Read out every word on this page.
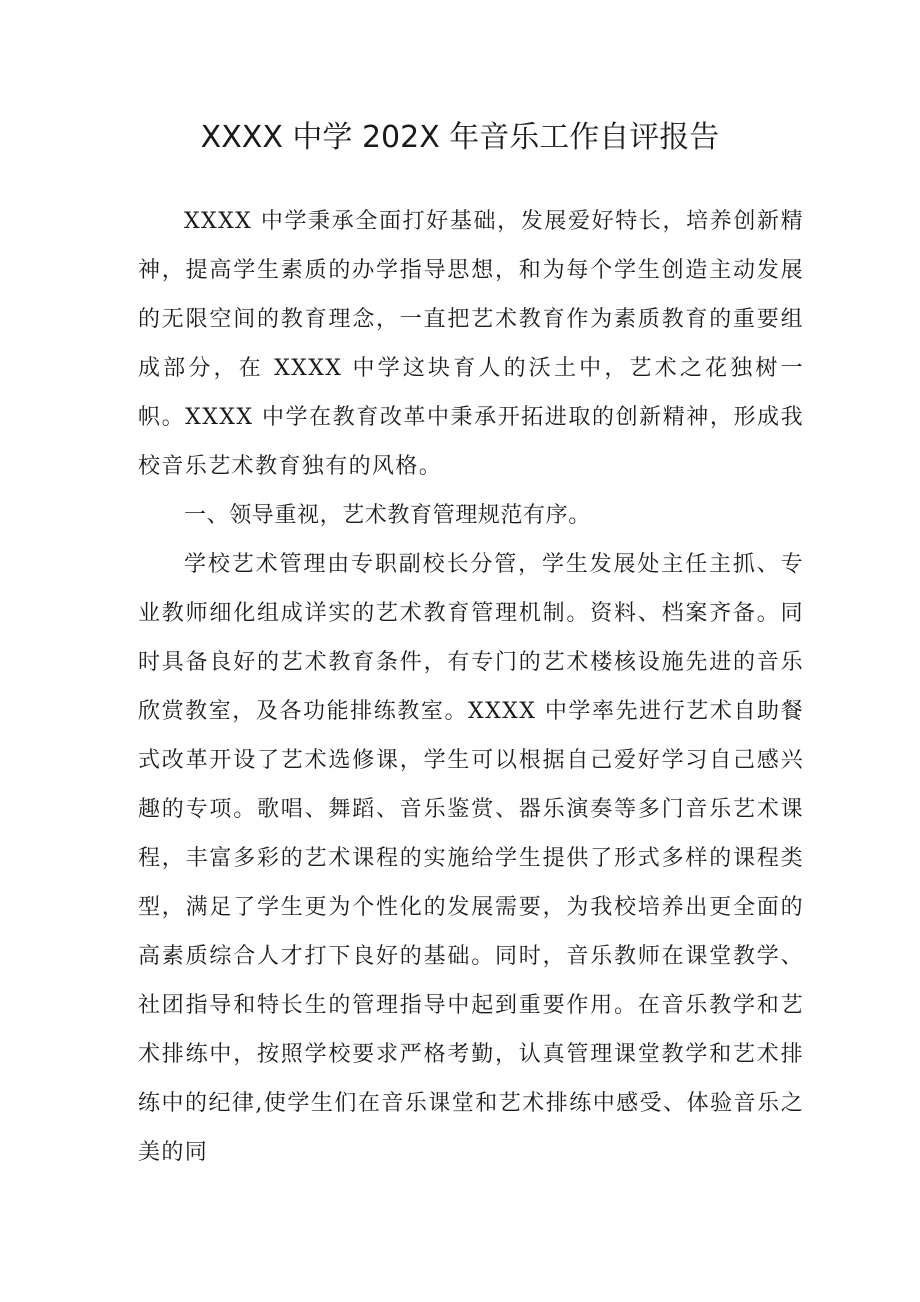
XXXX 中学 202X 年音乐工作自评报告

XXXX 中学秉承全面打好基础，发展爱好特长，培养创新精神，提高学生素质的办学指导思想，和为每个学生创造主动发展的无限空间的教育理念，一直把艺术教育作为素质教育的重要组成部分，在 XXXX 中学这块育人的沃土中，艺术之花独树一帜。XXXX 中学在教育改革中秉承开拓进取的创新精神，形成我校音乐艺术教育独有的风格。

一、领导重视，艺术教育管理规范有序。

学校艺术管理由专职副校长分管，学生发展处主任主抓、专业教师细化组成详实的艺术教育管理机制。资料、档案齐备。同时具备良好的艺术教育条件，有专门的艺术楼核设施先进的音乐欣赏教室，及各功能排练教室。XXXX 中学率先进行艺术自助餐式改革开设了艺术选修课，学生可以根据自己爱好学习自己感兴趣的专项。歌唱、舞蹈、音乐鉴赏、器乐演奏等多门音乐艺术课程，丰富多彩的艺术课程的实施给学生提供了形式多样的课程类型，满足了学生更为个性化的发展需要，为我校培养出更全面的高素质综合人才打下良好的基础。同时，音乐教师在课堂教学、社团指导和特长生的管理指导中起到重要作用。在音乐教学和艺术排练中，按照学校要求严格考勤，认真管理课堂教学和艺术排练中的纪律,使学生们在音乐课堂和艺术排练中感受、体验音乐之美的同
